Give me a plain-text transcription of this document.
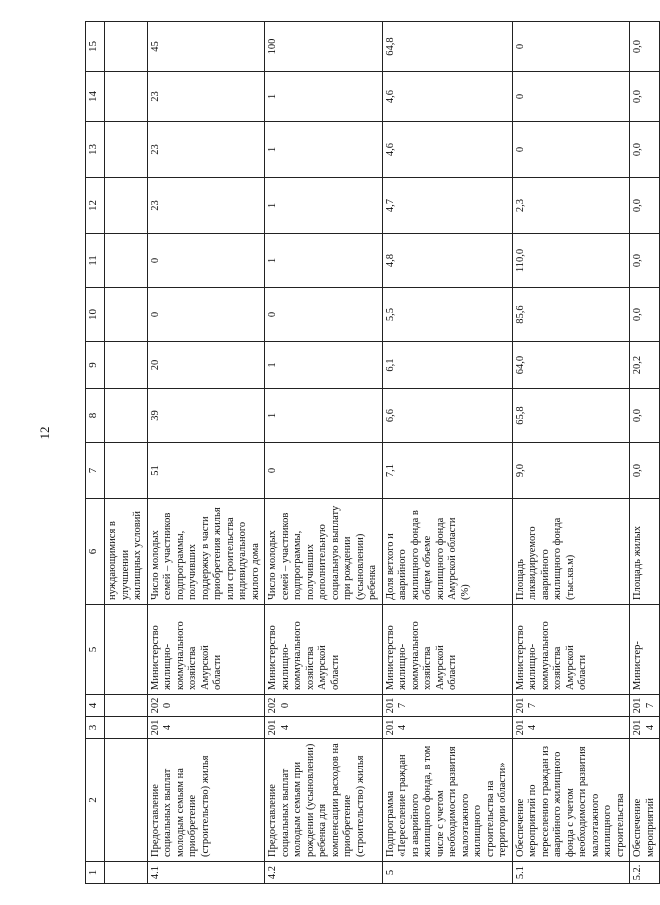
12
1	2	3	4	5	6	7	8	9	10	11	12	13	14	15
					нуждающимися в улучшении жилищных условий									
4.1	Предоставление социальных выплат молодым семьям на приобретение (строительство) жилья	2014	2020	Министерство жилищно-коммунального хозяйства Амурской области	Число молодых семей – участников подпрограммы, получивших поддержку в части приобретения жилья или строительства индивидуального жилого дома	51	39	20	0	0	23	23	23	45
4.2	Предоставление социальных выплат молодым семьям при рождении (усыновлении) ребенка для компенсации расходов на приобретение (строительство) жилья	2014	2020	Министерство жилищно-коммунального хозяйства Амурской области	Число молодых семей – участников подпрограммы, получивших дополнительную социальную выплату при рождении (усыновлении) ребенка	0	1	1	0	1	1	1	1	100
5	Подпрограмма «Переселение граждан из аварийного жилищного фонда, в том числе с учетом необходимости развития малоэтажного жилищного строительства на территории области»	2014	2017	Министерство жилищно-коммунального хозяйства Амурской области	Доля ветхого и аварийного жилищного фонда в общем объеме жилищного фонда Амурской области (%)	7,1	6,6	6,1	5,5	4,8	4,7	4,6	4,6	64,8
5.1	Обеспечение мероприятий по переселению граждан из аварийного жилищного фонда с учетом необходимости развития малоэтажного жилищного строительства	2014	2017	Министерство жилищно-коммунального хозяйства Амурской области	Площадь ликвидируемого аварийного жилищного фонда (тыс.кв.м)	9,0	65,8	64,0	85,6	110,0	2,3	0	0	0
5.2.	Обеспечение мероприятий	2014	2017	Министер-	Площадь жилых	0,0	0,0	20,2	0,0	0,0	0,0	0,0	0,0	0,0
